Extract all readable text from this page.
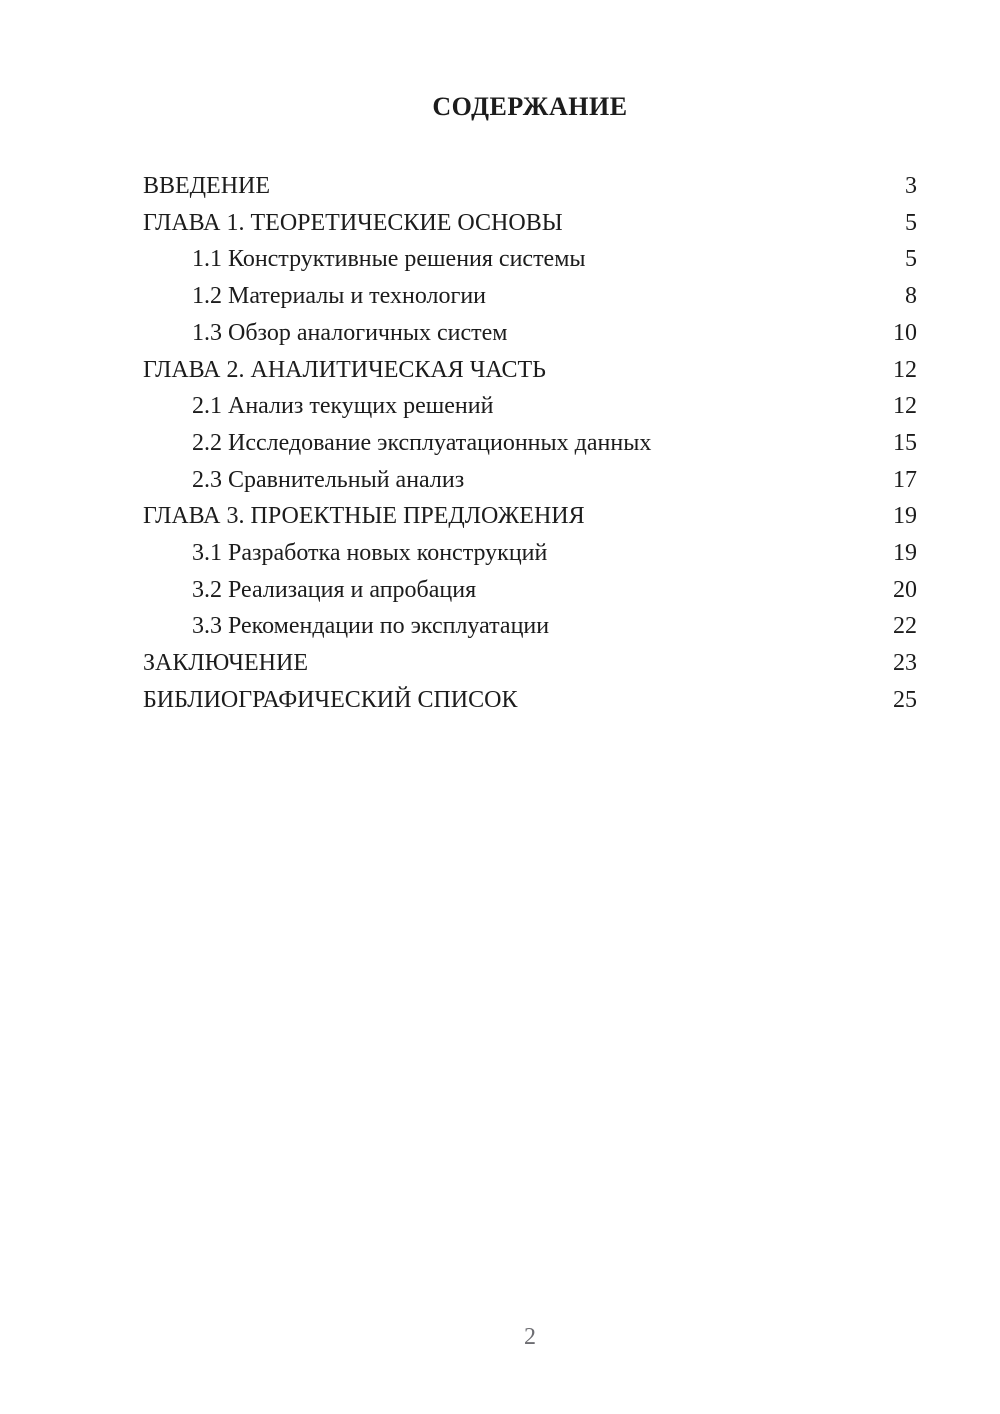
СОДЕРЖАНИЕ
ВВЕДЕНИЕ	3
ГЛАВА 1. ТЕОРЕТИЧЕСКИЕ ОСНОВЫ	5
1.1 Конструктивные решения системы	5
1.2 Материалы и технологии	8
1.3 Обзор аналогичных систем	10
ГЛАВА 2. АНАЛИТИЧЕСКАЯ ЧАСТЬ	12
2.1 Анализ текущих решений	12
2.2 Исследование эксплуатационных данных	15
2.3 Сравнительный анализ	17
ГЛАВА 3. ПРОЕКТНЫЕ ПРЕДЛОЖЕНИЯ	19
3.1 Разработка новых конструкций	19
3.2 Реализация и апробация	20
3.3 Рекомендации по эксплуатации	22
ЗАКЛЮЧЕНИЕ	23
БИБЛИОГРАФИЧЕСКИЙ СПИСОК	25
2
